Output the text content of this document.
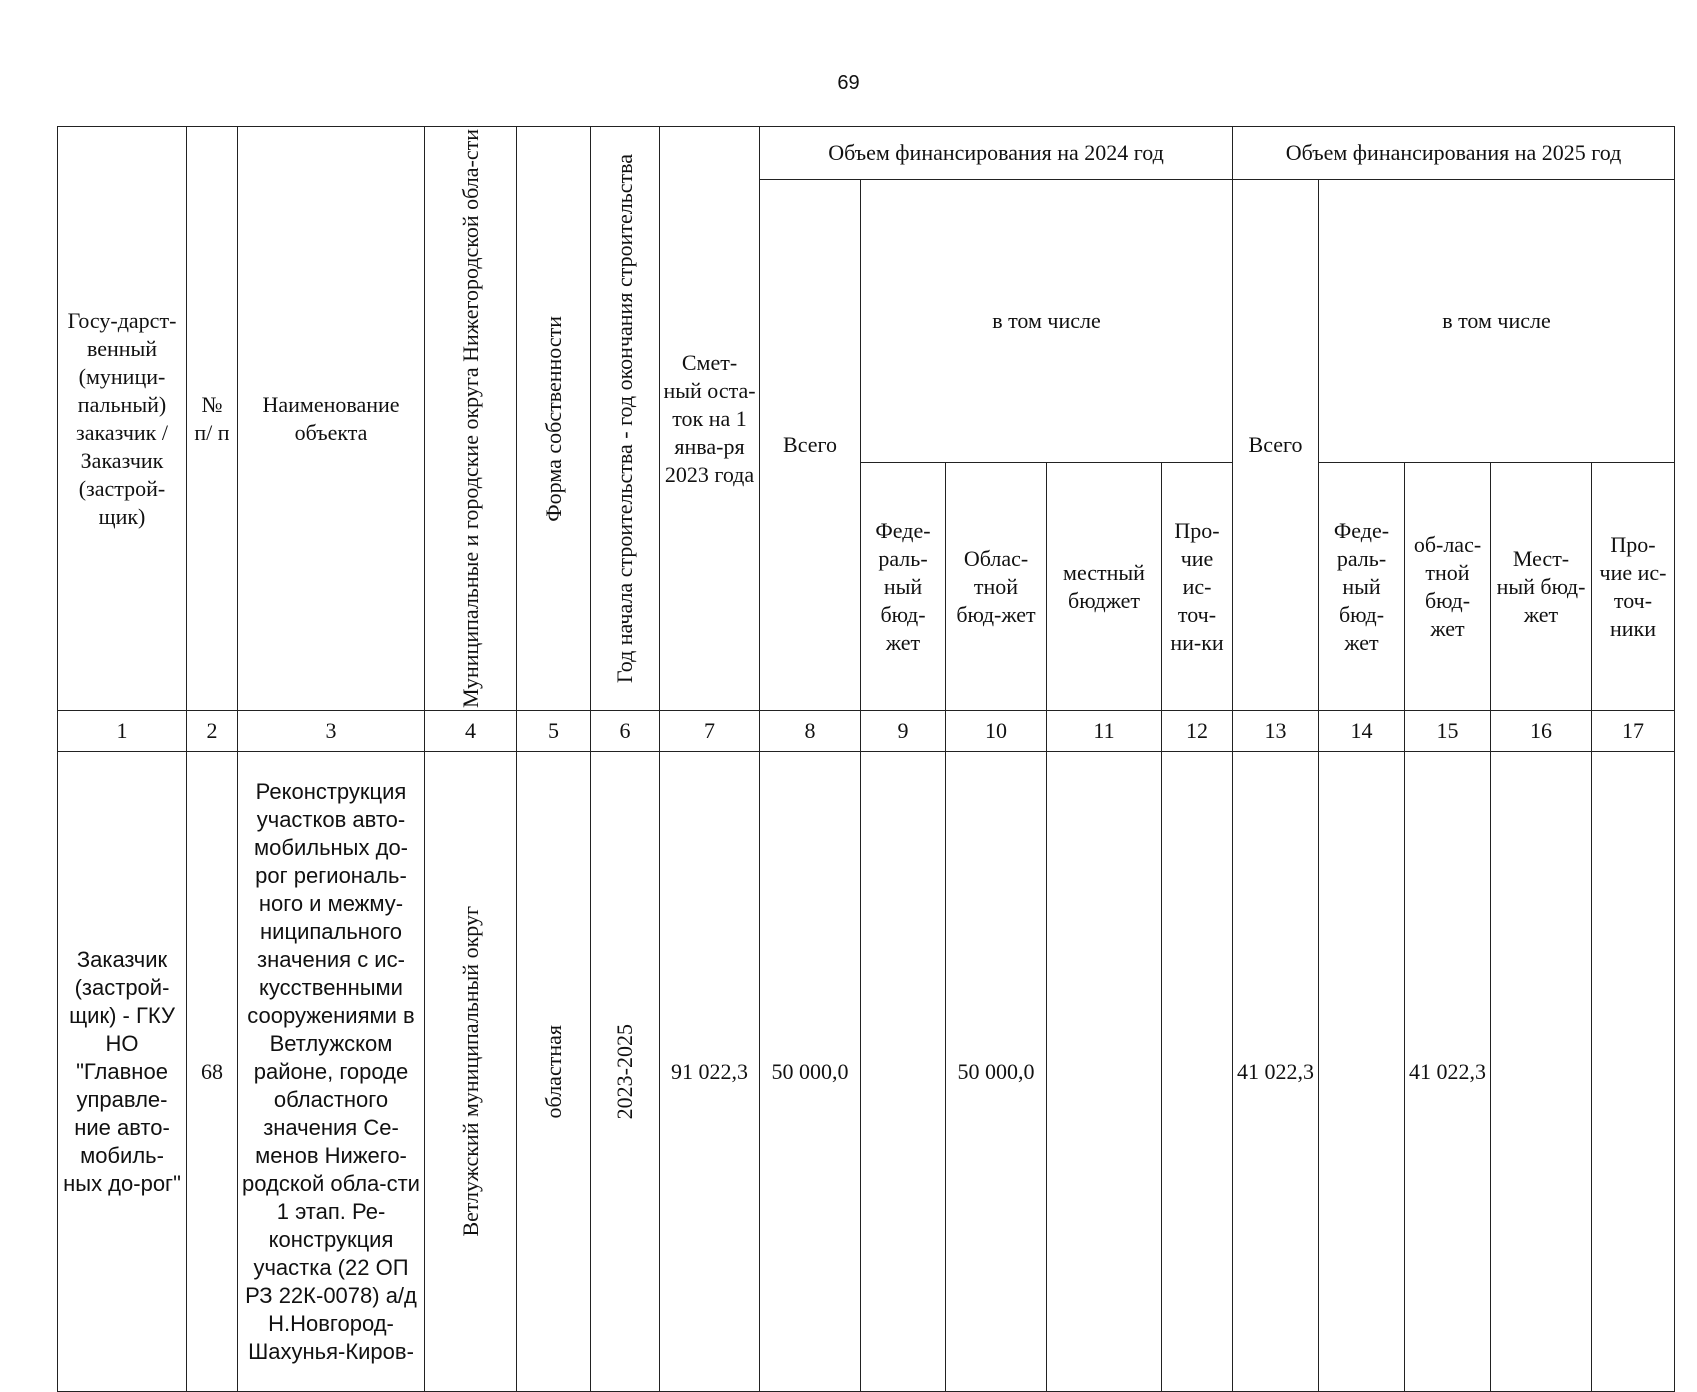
69
Госу-дарст-венный (муници-пальный) заказчик / Заказчик (застрой-щик)	№ п/ п	Наименование объекта	Муниципальные и городские округа Нижегородской обла-сти	Форма собственности	Год начала строительства - год окончания строительства	Смет-ный оста-ток на 1 янва-ря 2023 года	Объем финансирования на 2024 год					Объем финансирования на 2025 год				
							Всего	в том числе				Всего	в том числе			
								Феде-раль-ный бюд-жет	Облас-тной бюд-жет	местный бюджет	Про-чие ис-точ-ни-ки		Феде-раль-ный бюд-жет	об-лас-тной бюд-жет	Мест-ный бюд-жет	Про-чие ис-точ-ники
1	2	3	4	5	6	7	8	9	10	11	12	13	14	15	16	17
Заказчик (застрой-щик) - ГКУ НО "Главное управле-ние авто-мобиль-ных до-рог"	68	Реконструкция участков авто-мобильных до-рог региональ-ного и межму-ниципального значения с ис-кусственными сооружениями в Ветлужском районе, городе областного значения Се-менов Нижего-родской обла-сти 1 этап. Ре-конструкция участка (22 ОП РЗ 22К-0078) а/д Н.Новгород-Шахунья-Киров-	Ветлужский муниципальный округ	областная	2023-2025	91 022,3	50 000,0		50 000,0			41 022,3		41 022,3		
